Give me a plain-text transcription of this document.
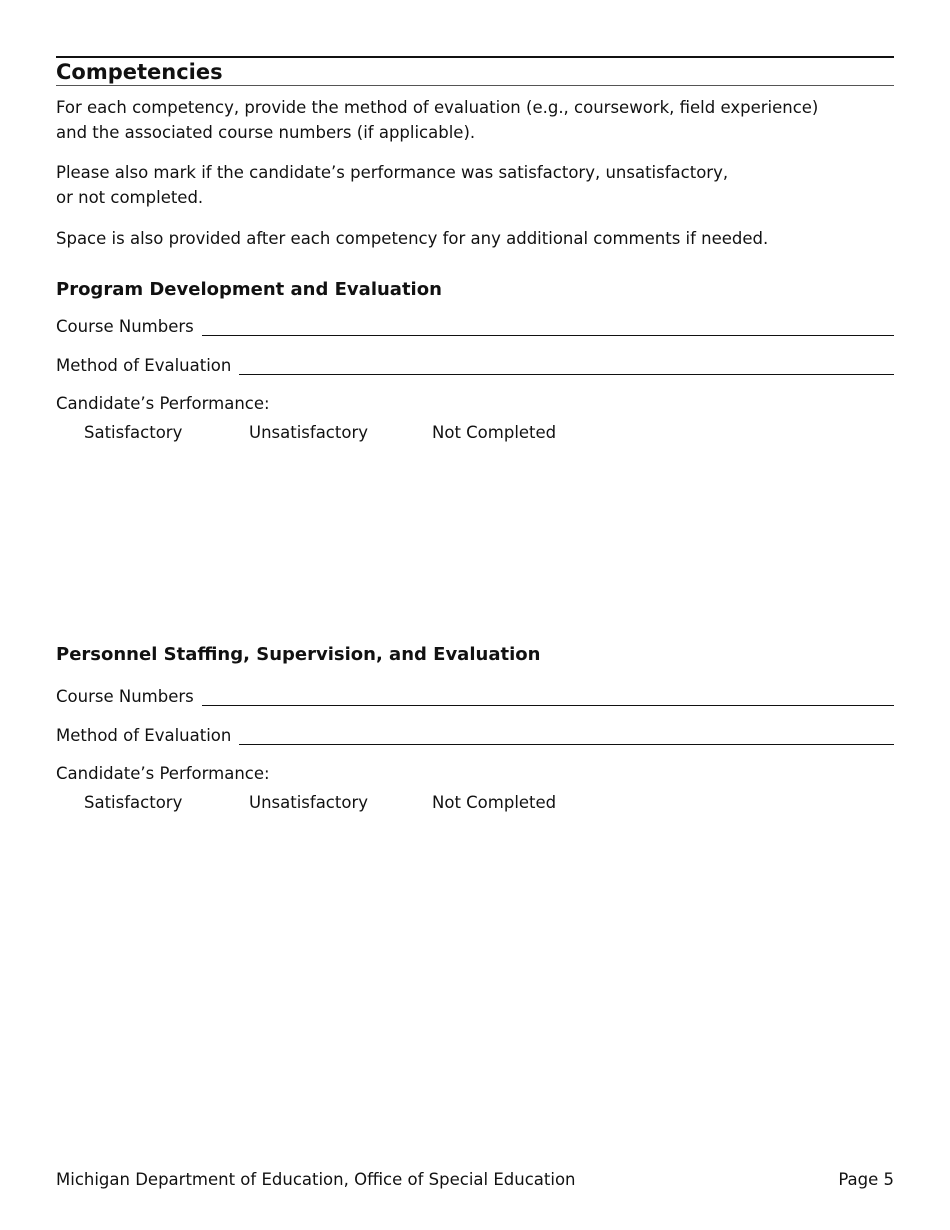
Competencies
For each competency, provide the method of evaluation (e.g., coursework, field experience)
and the associated course numbers (if applicable).
Please also mark if the candidate’s performance was satisfactory, unsatisfactory,
or not completed.
Space is also provided after each competency for any additional comments if needed.
Program Development and Evaluation
Course Numbers
Method of Evaluation
Candidate’s Performance:
Satisfactory	Unsatisfactory	Not Completed
Personnel Staffing, Supervision, and Evaluation
Course Numbers
Method of Evaluation
Candidate’s Performance:
Satisfactory	Unsatisfactory	Not Completed
Michigan Department of Education, Office of Special Education	Page 5
